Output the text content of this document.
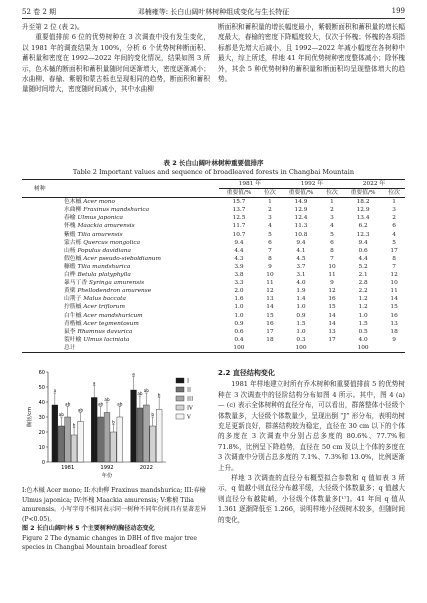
52 卷 2 期	邓楠雍等: 长白山阔叶林树种组成变化与生长特征	199

升至第 2 位 (表 2)。

重要值排前 6 位的优势树种在 3 次调查中没有发生变化，以 1981 年的调查结果为 100%，分析 6 个优势树种断面积、蓄积量和密度在 1992—2022 年间的变化情况，结果如图 3 所示，色木槭的断面积和蓄积量随时间逐渐增大，密度逐渐减小；水曲柳、春榆、紫椴和蒙古栎也呈现相同的趋势，断面积和蓄积量随时间增大，密度随时间减小，其中水曲柳

断面积和蓄积量的增长幅度最小，紫椴断面积和蓄积量的增长幅度最大，春榆的密度下降幅度较大，仅次于怀槐；怀槐的各项指标都是先增大后减小，且 1992—2022 年减小幅度在各树种中最大，综上所述，样地 41 年间优势树种密度整体减小；除怀槐外，其余 5 种优势树种的蓄积量和断面积均呈现整体增大的趋势。

表 2 长白山阔叶林树种重要值排序
Table 2 Important values and sequence of broadleaved forests in Changbai Mountain
树种	1981 年		1992 年		2022 年	
	重要值/%	位次	重要值/%	位次	重要值/%	位次
色木槭 Acer mono	15.7	1	14.9	1	18.2	1
水曲柳 Fraxinus mandshurica	13.7	2	12.9	2	12.9	3
春榆 Ulmus japonica	12.5	3	12.4	3	13.4	2
怀槐 Maackia amurensis	11.7	4	11.3	4	6.2	6
紫椴 Tilia amurensis	10.7	5	10.8	5	12.3	4
蒙古栎 Quercus mongolica	9.4	6	9.4	6	9.4	5
山杨 Populus davidiana	4.4	7	4.1	8	0.6	17
假色槭 Acer pseudo-sieboldianum	4.3	8	4.5	7	4.4	8
糠椴 Tilia mandshurica	3.9	9	3.7	10	5.2	7
白桦 Betula platyphylla	3.8	10	3.1	11	2.1	12
暴马丁香 Syringa amurensis	3.3	11	4.0	9	2.8	10
黄檗 Phellodendron amurense	2.0	12	1.9	12	2.2	11
山荆子 Malus baccata	1.6	13	1.4	16	1.2	14
拧筋槭 Acer triflorum	1.0	14	1.0	15	1.2	15
白牛槭 Acer mandshuricum	1.0	15	0.9	14	1.0	16
青楷槭 Acer tegmentosum	0.9	16	1.5	14	1.5	13
鼠李 Rhamnus davurica	0.6	17	1.0	13	0.5	18
裂叶榆 Ulmus laciniata	0.4	18	0.3	17	4.0	9
总计	100		100		100	
0
10
20
30
40
50
60
胸径/cm
a
ab
ab
b
ab
1981
a
ab
ab
b
ab
1992
a
ab
ab
b
b
2022
年份
I
II
III
IV
V
I:色木槭 Acer mono; II:水曲柳 Fraxinus mandshurica; III:春榆 Ulmus japonica; IV:怀槐 Maackia amurensis; V:紫椴 Tilia amurensis。小写字母不相同表示同一树种不同年份间具有显著差异 (P<0.05)。
图 2 长白山阔叶林 5 个主要树种的胸径动态变化
Figure 2 The dynamic changes in DBH of five major tree species in Changbai Mountain broadleaf forest
2.2 直径结构变化

1981 年样地建立时所有乔木树种和重要值排前 5 的优势树种在 3 次调查中的径阶结构分布如图 4 所示。其中，图 4 (a) — (c) 表示全体树种的直径分布，可以看出，群落整体小径级个体数量多，大径级个体数量少，呈现出倒 “J” 形分布，表明幼树充足更新良好，群落结构较为稳定，直径在 30 cm 以下的个体的多度在 3 次调查中分别占总多度的 80.6%、77.7%和 71.8%，比例呈下降趋势，直径在 50 cm 及以上个体的多度在 3 次调查中分别占总多度的 7.1%、7.3%和 13.0%，比例逐渐上升。

样地 3 次调查的直径分布概型拟合参数和 q 值如表 3 所示，q 值越小则直径分布越平缓，大径级个体数量多；q 值越大则直径分布越陡峭，小径级个体数量多[¹⁷]。41 年间 q 值从 1.361 逐渐降低至 1.266，说明样地小径级树木较多，但随时间的变化，
